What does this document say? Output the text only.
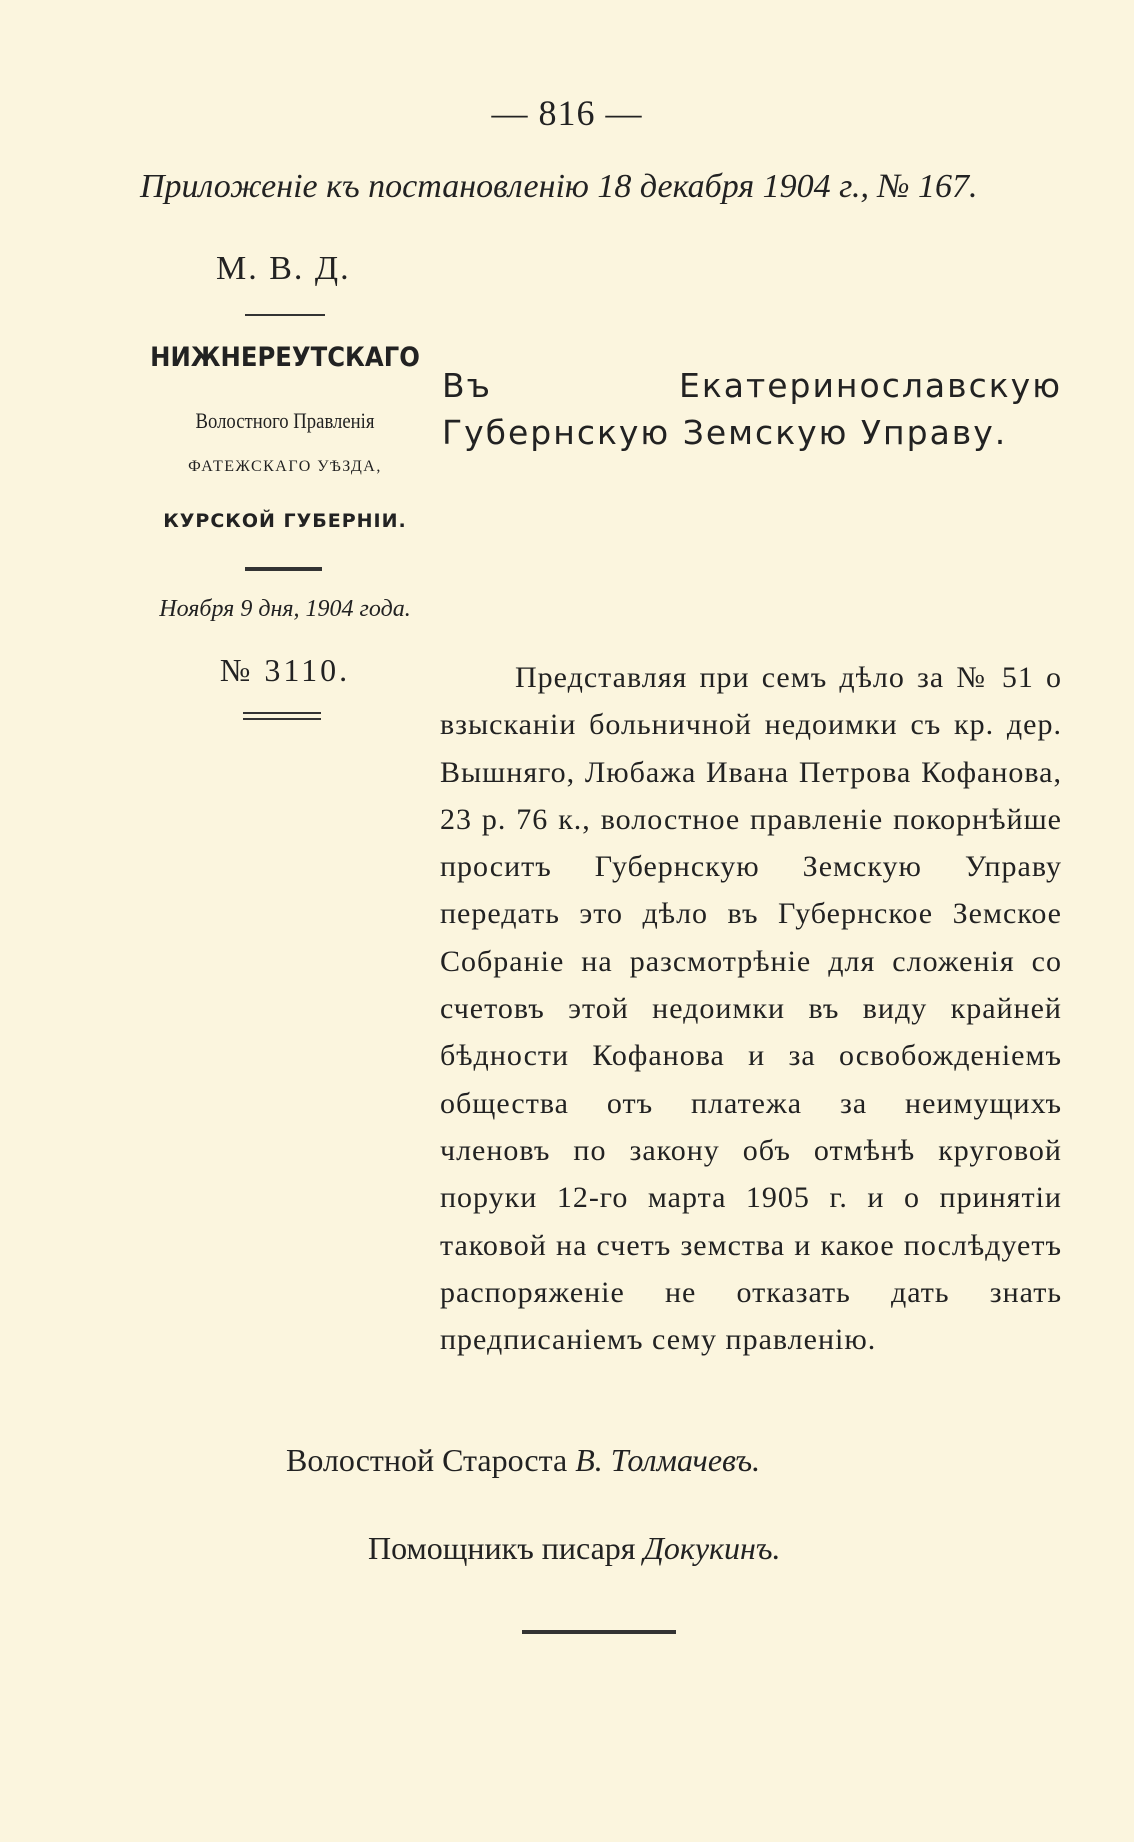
— 816 —
Приложеніе къ постановленію 18 декабря 1904 г., № 167.
М. В. Д.
НИЖНЕРЕУТСКАГО
Волостного Правленія
ФАТЕЖСКАГО УѢЗДА,
КУРСКОЙ ГУБЕРНІИ.
Ноября 9 дня, 1904 года.
№ 3110.
Въ Екатеринославскую Губернскую Земскую Управу.
Представляя при семъ дѣло за № 51 о взысканіи больничной недоимки съ кр. дер. Вышняго, Любажа Ивана Петрова Кофанова, 23 р. 76 к., волостное правленіе покорнѣйше проситъ Губернскую Земскую Управу передать это дѣло въ Губернское Земское Собраніе на разсмотрѣніе для сложенія со счетовъ этой недоимки въ виду крайней бѣдности Кофанова и за освобожденіемъ общества отъ платежа за неимущихъ членовъ по закону объ отмѣнѣ круговой поруки 12-го марта 1905 г. и о принятіи таковой на счетъ земства и какое послѣдуетъ распоряженіе не отказать дать знать предписаніемъ сему правленію.
Волостной Староста В. Толмачевъ.
Помощникъ писаря Докукинъ.
